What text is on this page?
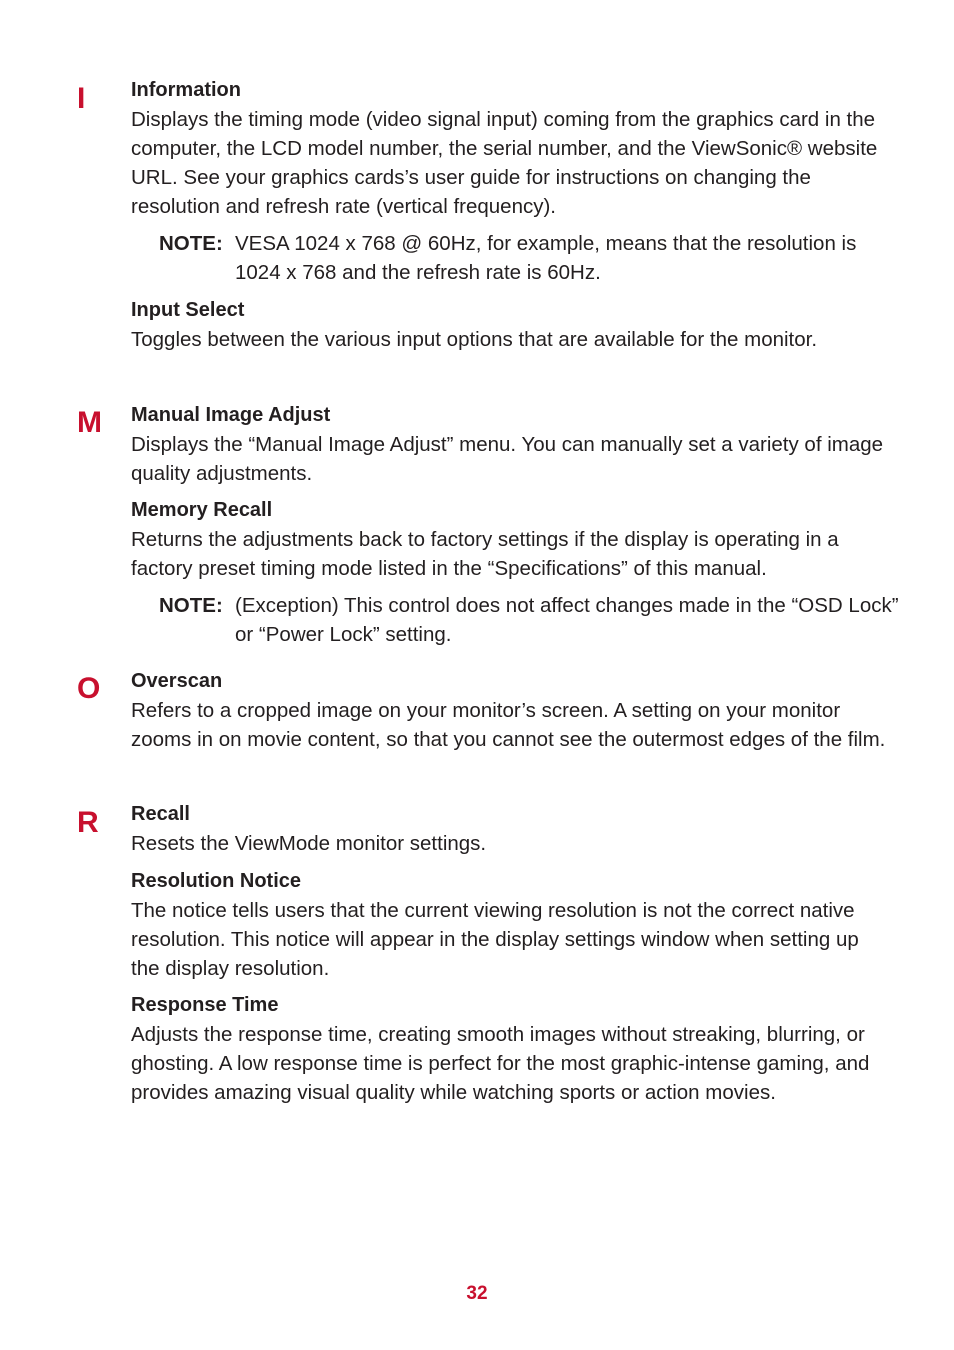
I
M
O
R
Information
Displays the timing mode (video signal input) coming from the graphics card in the computer, the LCD model number, the serial number, and the ViewSonic® website URL. See your graphics cards’s user guide for instructions on changing the resolution and refresh rate (vertical frequency).
NOTE: VESA 1024 x 768 @ 60Hz, for example, means that the resolution is 1024 x 768 and the refresh rate is 60Hz.
Input Select
Toggles between the various input options that are available for the monitor.
Manual Image Adjust
Displays the “Manual Image Adjust” menu. You can manually set a variety of image quality adjustments.
Memory Recall
Returns the adjustments back to factory settings if the display is operating in a factory preset timing mode listed in the “Specifications” of this manual.
NOTE: (Exception) This control does not affect changes made in the “OSD Lock” or “Power Lock” setting.
Overscan
Refers to a cropped image on your monitor’s screen. A setting on your monitor zooms in on movie content, so that you cannot see the outermost edges of the film.
Recall
Resets the ViewMode monitor settings.
Resolution Notice
The notice tells users that the current viewing resolution is not the correct native resolution. This notice will appear in the display settings window when setting up the display resolution.
Response Time
Adjusts the response time, creating smooth images without streaking, blurring, or ghosting. A low response time is perfect for the most graphic-intense gaming, and provides amazing visual quality while watching sports or action movies.
32
